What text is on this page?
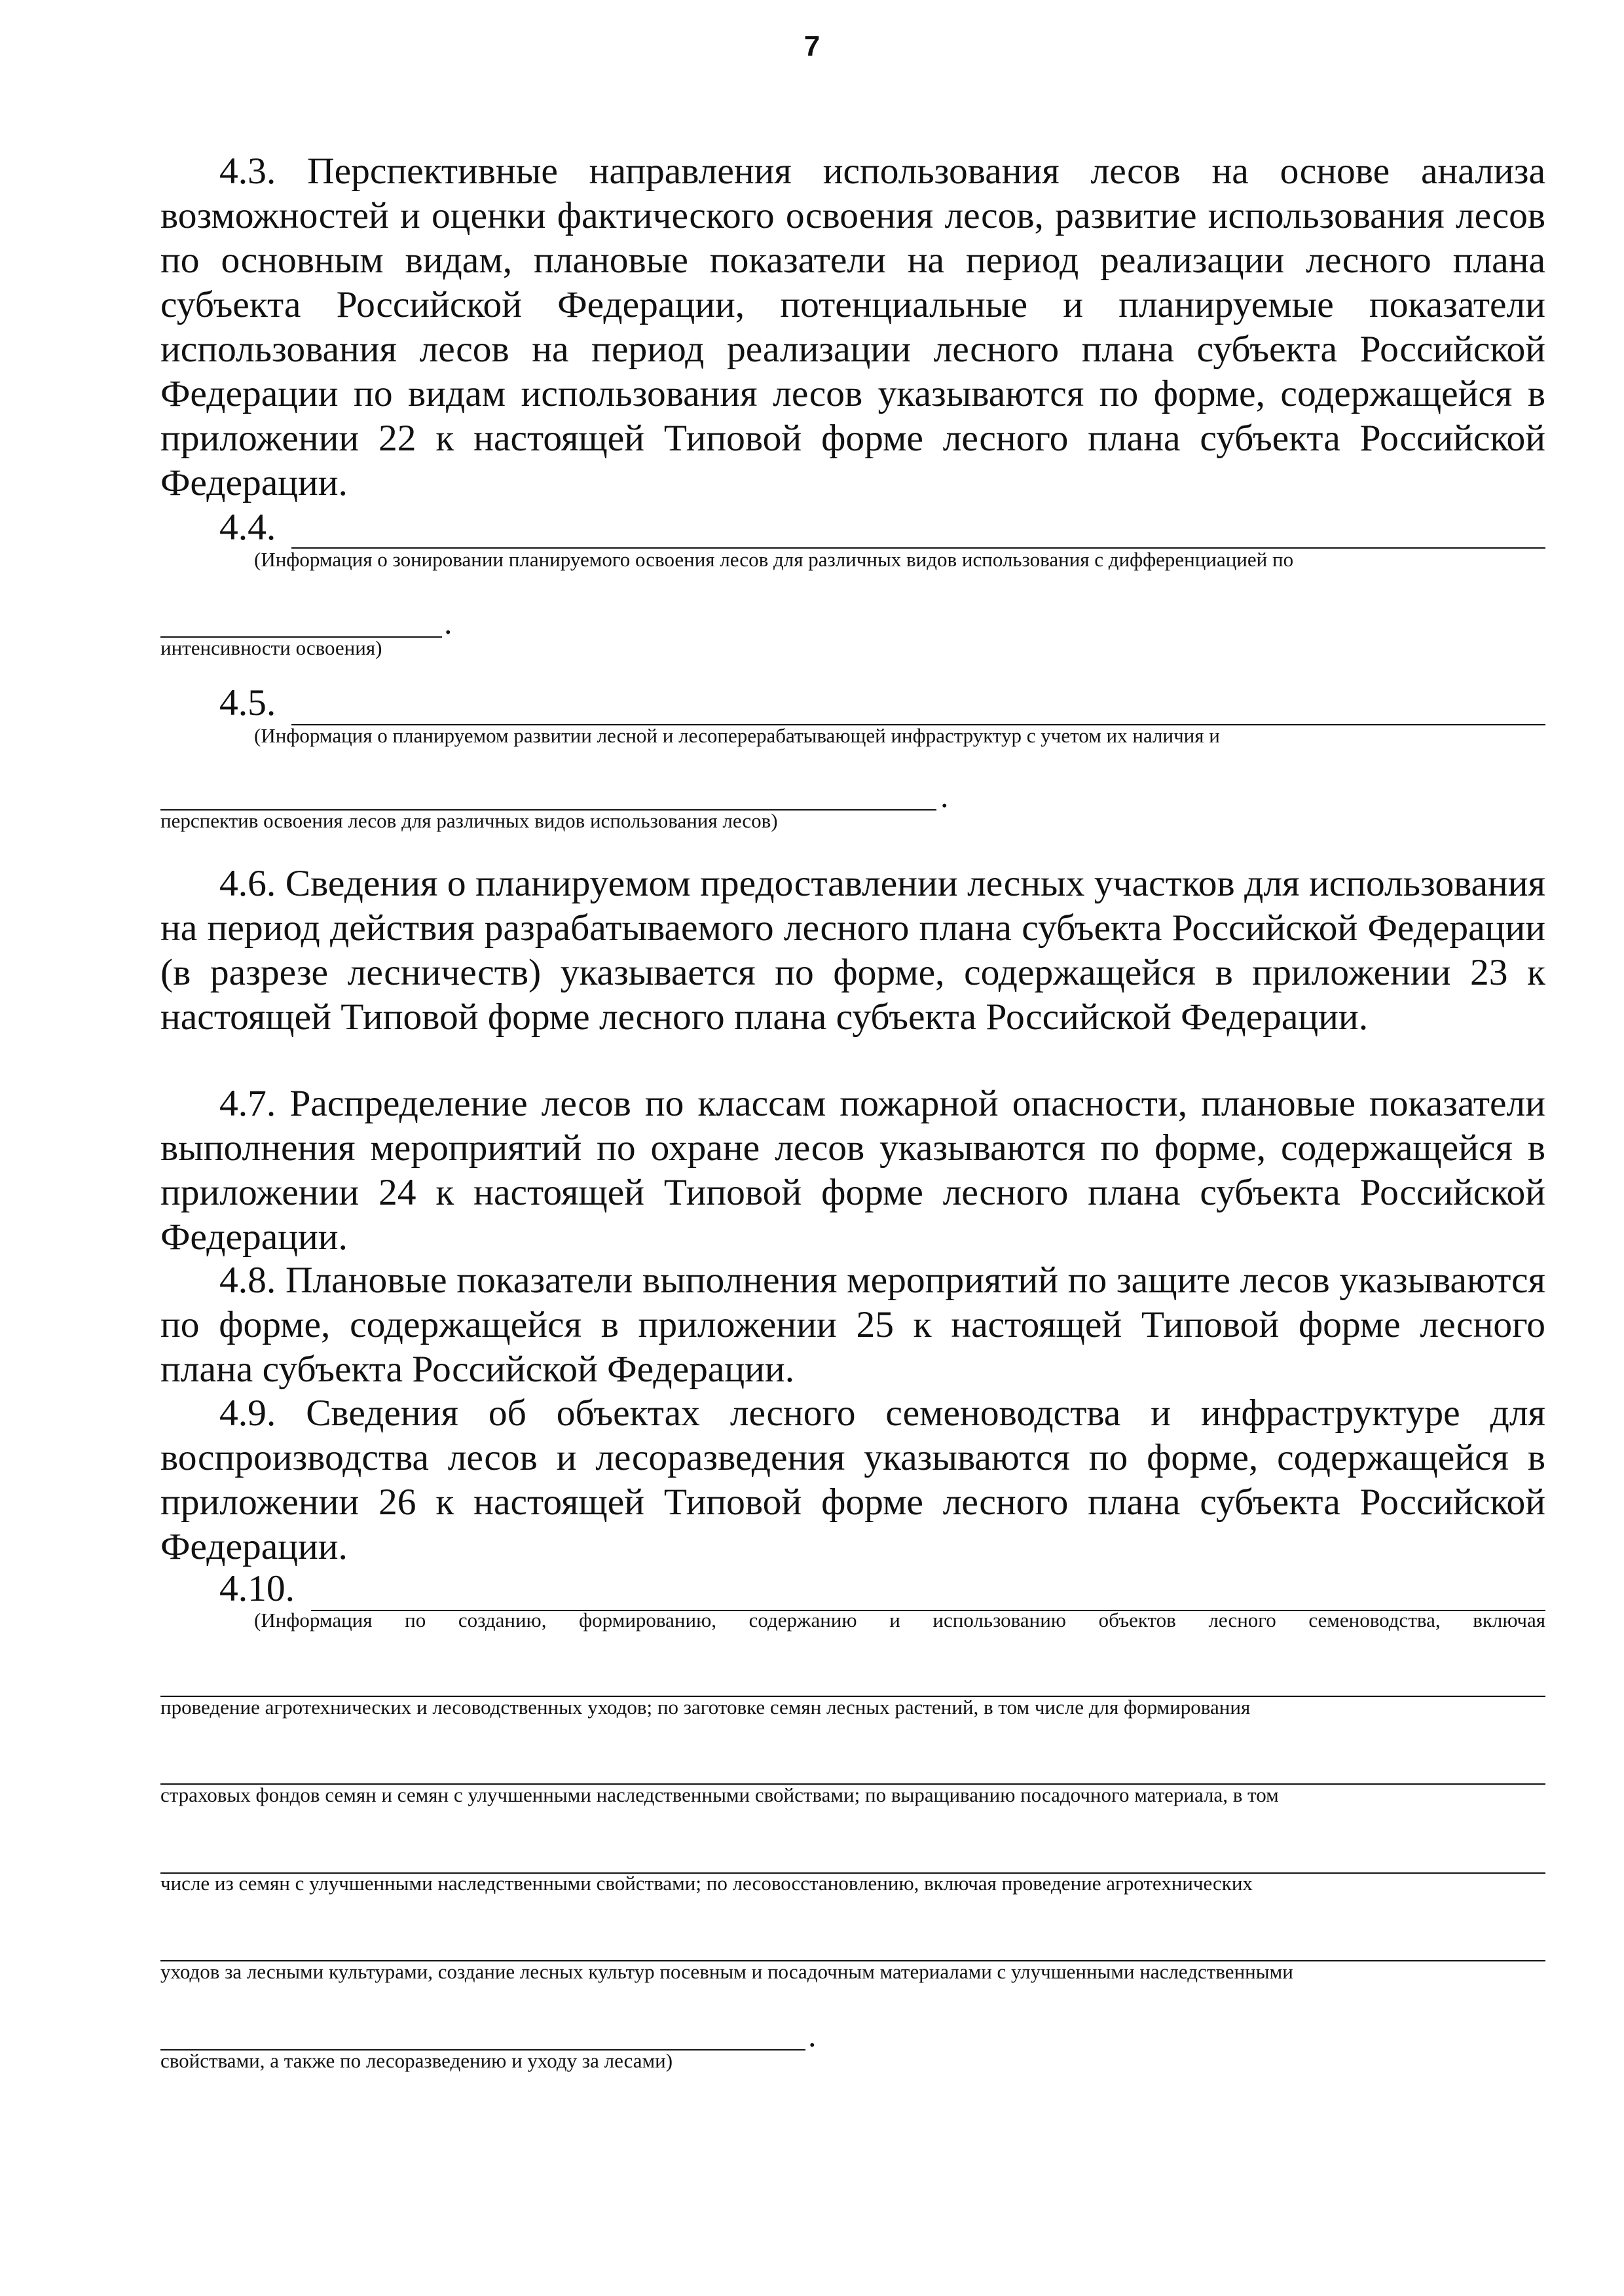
7

4.3. Перспективные направления использования лесов на основе анализа возможностей и оценки фактического освоения лесов, развитие использования лесов по основным видам, плановые показатели на период реализации лесного плана субъекта Российской Федерации, потенциальные и планируемые показатели использования лесов на период реализации лесного плана субъекта Российской Федерации по видам использования лесов указываются по форме, содержащейся в приложении 22 к настоящей Типовой форме лесного плана субъекта Российской Федерации.

4.4.
(Информация о зонировании планируемого освоения лесов для различных видов использования с дифференциацией по
.
интенсивности освоения)
4.5.
(Информация о планируемом развитии лесной и лесоперерабатывающей инфраструктур с учетом их наличия и
.
перспектив освоения лесов для различных видов использования лесов)

4.6. Сведения о планируемом предоставлении лесных участков для использования на период действия разрабатываемого лесного плана субъекта Российской Федерации (в разрезе лесничеств) указывается по форме, содержащейся в приложении 23 к настоящей Типовой форме лесного плана субъекта Российской Федерации.

4.7. Распределение лесов по классам пожарной опасности, плановые показатели выполнения мероприятий по охране лесов указываются по форме, содержащейся в приложении 24 к настоящей Типовой форме лесного плана субъекта Российской Федерации.

4.8. Плановые показатели выполнения мероприятий по защите лесов указываются по форме, содержащейся в приложении 25 к настоящей Типовой форме лесного плана субъекта Российской Федерации.

4.9. Сведения об объектах лесного семеноводства и инфраструктуре для воспроизводства лесов и лесоразведения указываются по форме, содержащейся в приложении 26 к настоящей Типовой форме лесного плана субъекта Российской Федерации.

4.10.
(Информация по созданию, формированию, содержанию и использованию объектов лесного семеноводства, включая
проведение агротехнических и лесоводственных уходов; по заготовке семян лесных растений, в том числе для формирования
страховых фондов семян и семян с улучшенными наследственными свойствами; по выращиванию посадочного материала, в том
числе из семян с улучшенными наследственными свойствами; по лесовосстановлению, включая проведение агротехнических
уходов за лесными культурами, создание лесных культур посевным и посадочным материалами с улучшенными наследственными
.
свойствами, а также по лесоразведению и уходу за лесами)
